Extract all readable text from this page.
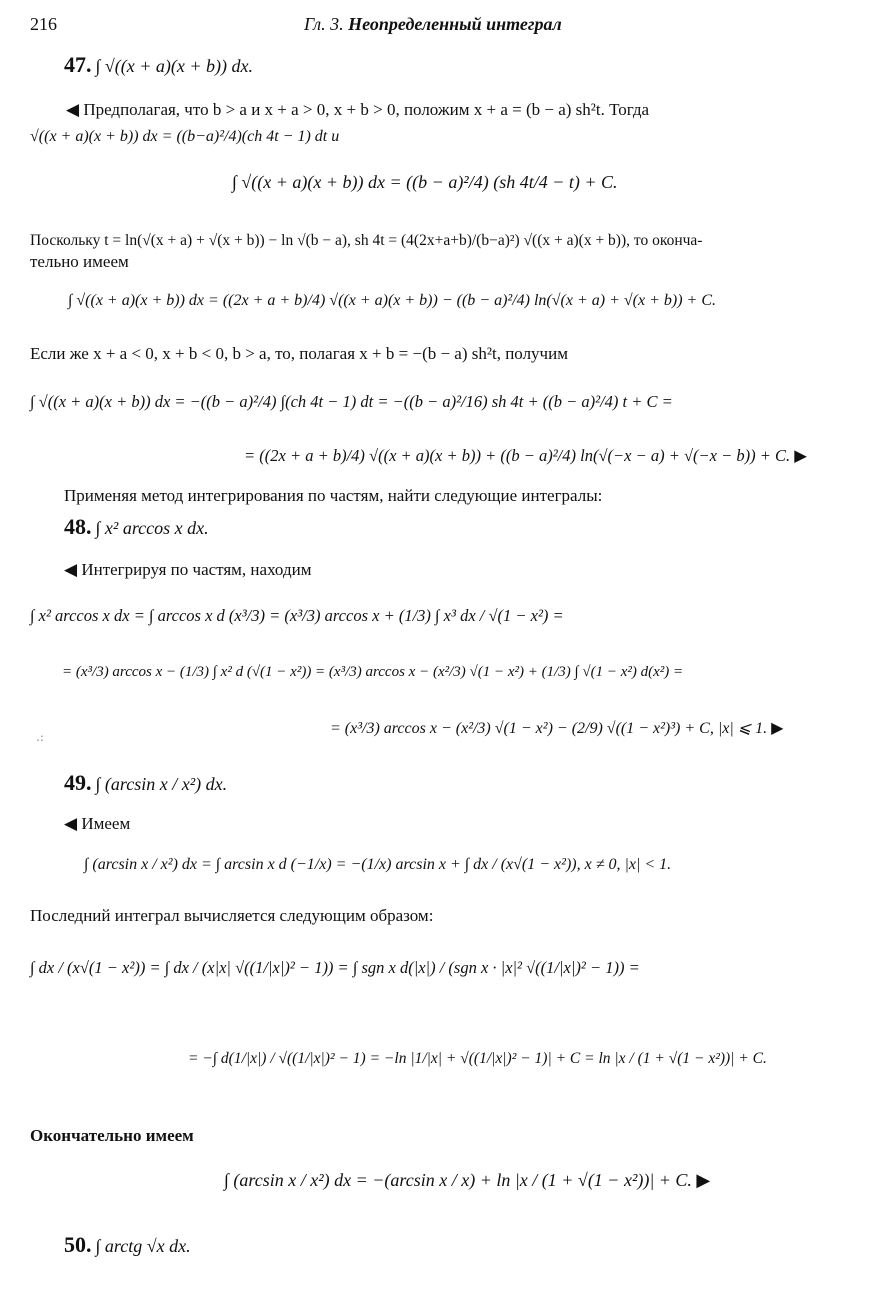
216	Гл. 3. Неопределенный интеграл
47. ∫ √((x + a)(x + b)) dx.
◀ Предполагая, что b > a и x + a > 0, x + b > 0, положим x + a = (b − a) sh²t. Тогда
√((x + a)(x + b)) dx = ((b−a)²/4)(ch 4t − 1) dt и
∫ √((x + a)(x + b)) dx = ((b − a)²/4) (sh 4t/4 − t) + C.
Поскольку t = ln(√(x + a) + √(x + b)) − ln √(b − a), sh 4t = (4(2x+a+b)/(b−a)²) √((x + a)(x + b)), то оконча-
тельно имеем
∫ √((x + a)(x + b)) dx = ((2x + a + b)/4) √((x + a)(x + b)) − ((b − a)²/4) ln(√(x + a) + √(x + b)) + C.
Если же x + a < 0, x + b < 0, b > a, то, полагая x + b = −(b − a) sh²t, получим
∫ √((x + a)(x + b)) dx = −((b − a)²/4) ∫(ch 4t − 1) dt = −((b − a)²/16) sh 4t + ((b − a)²/4) t + C =
= ((2x + a + b)/4) √((x + a)(x + b)) + ((b − a)²/4) ln(√(−x − a) + √(−x − b)) + C. ▶
Применяя метод интегрирования по частям, найти следующие интегралы:
48. ∫ x² arccos x dx.
◀ Интегрируя по частям, находим
∫ x² arccos x dx = ∫ arccos x d (x³/3) = (x³/3) arccos x + (1/3) ∫ x³ dx / √(1 − x²) =
= (x³/3) arccos x − (1/3) ∫ x² d (√(1 − x²)) = (x³/3) arccos x − (x²/3) √(1 − x²) + (1/3) ∫ √(1 − x²) d(x²) =
= (x³/3) arccos x − (x²/3) √(1 − x²) − (2/9) √((1 − x²)³) + C, |x| ⩽ 1. ▶
.:
49. ∫ (arcsin x / x²) dx.
◀ Имеем
∫ (arcsin x / x²) dx = ∫ arcsin x d (−1/x) = −(1/x) arcsin x + ∫ dx / (x√(1 − x²)), x ≠ 0, |x| < 1.
Последний интеграл вычисляется следующим образом:
∫ dx / (x√(1 − x²)) = ∫ dx / (x|x| √((1/|x|)² − 1)) = ∫ sgn x d(|x|) / (sgn x · |x|² √((1/|x|)² − 1)) =
= −∫ d(1/|x|) / √((1/|x|)² − 1) = −ln |1/|x| + √((1/|x|)² − 1)| + C = ln |x / (1 + √(1 − x²))| + C.
Окончательно имеем
∫ (arcsin x / x²) dx = −(arcsin x / x) + ln |x / (1 + √(1 − x²))| + C. ▶
50. ∫ arctg √x dx.
